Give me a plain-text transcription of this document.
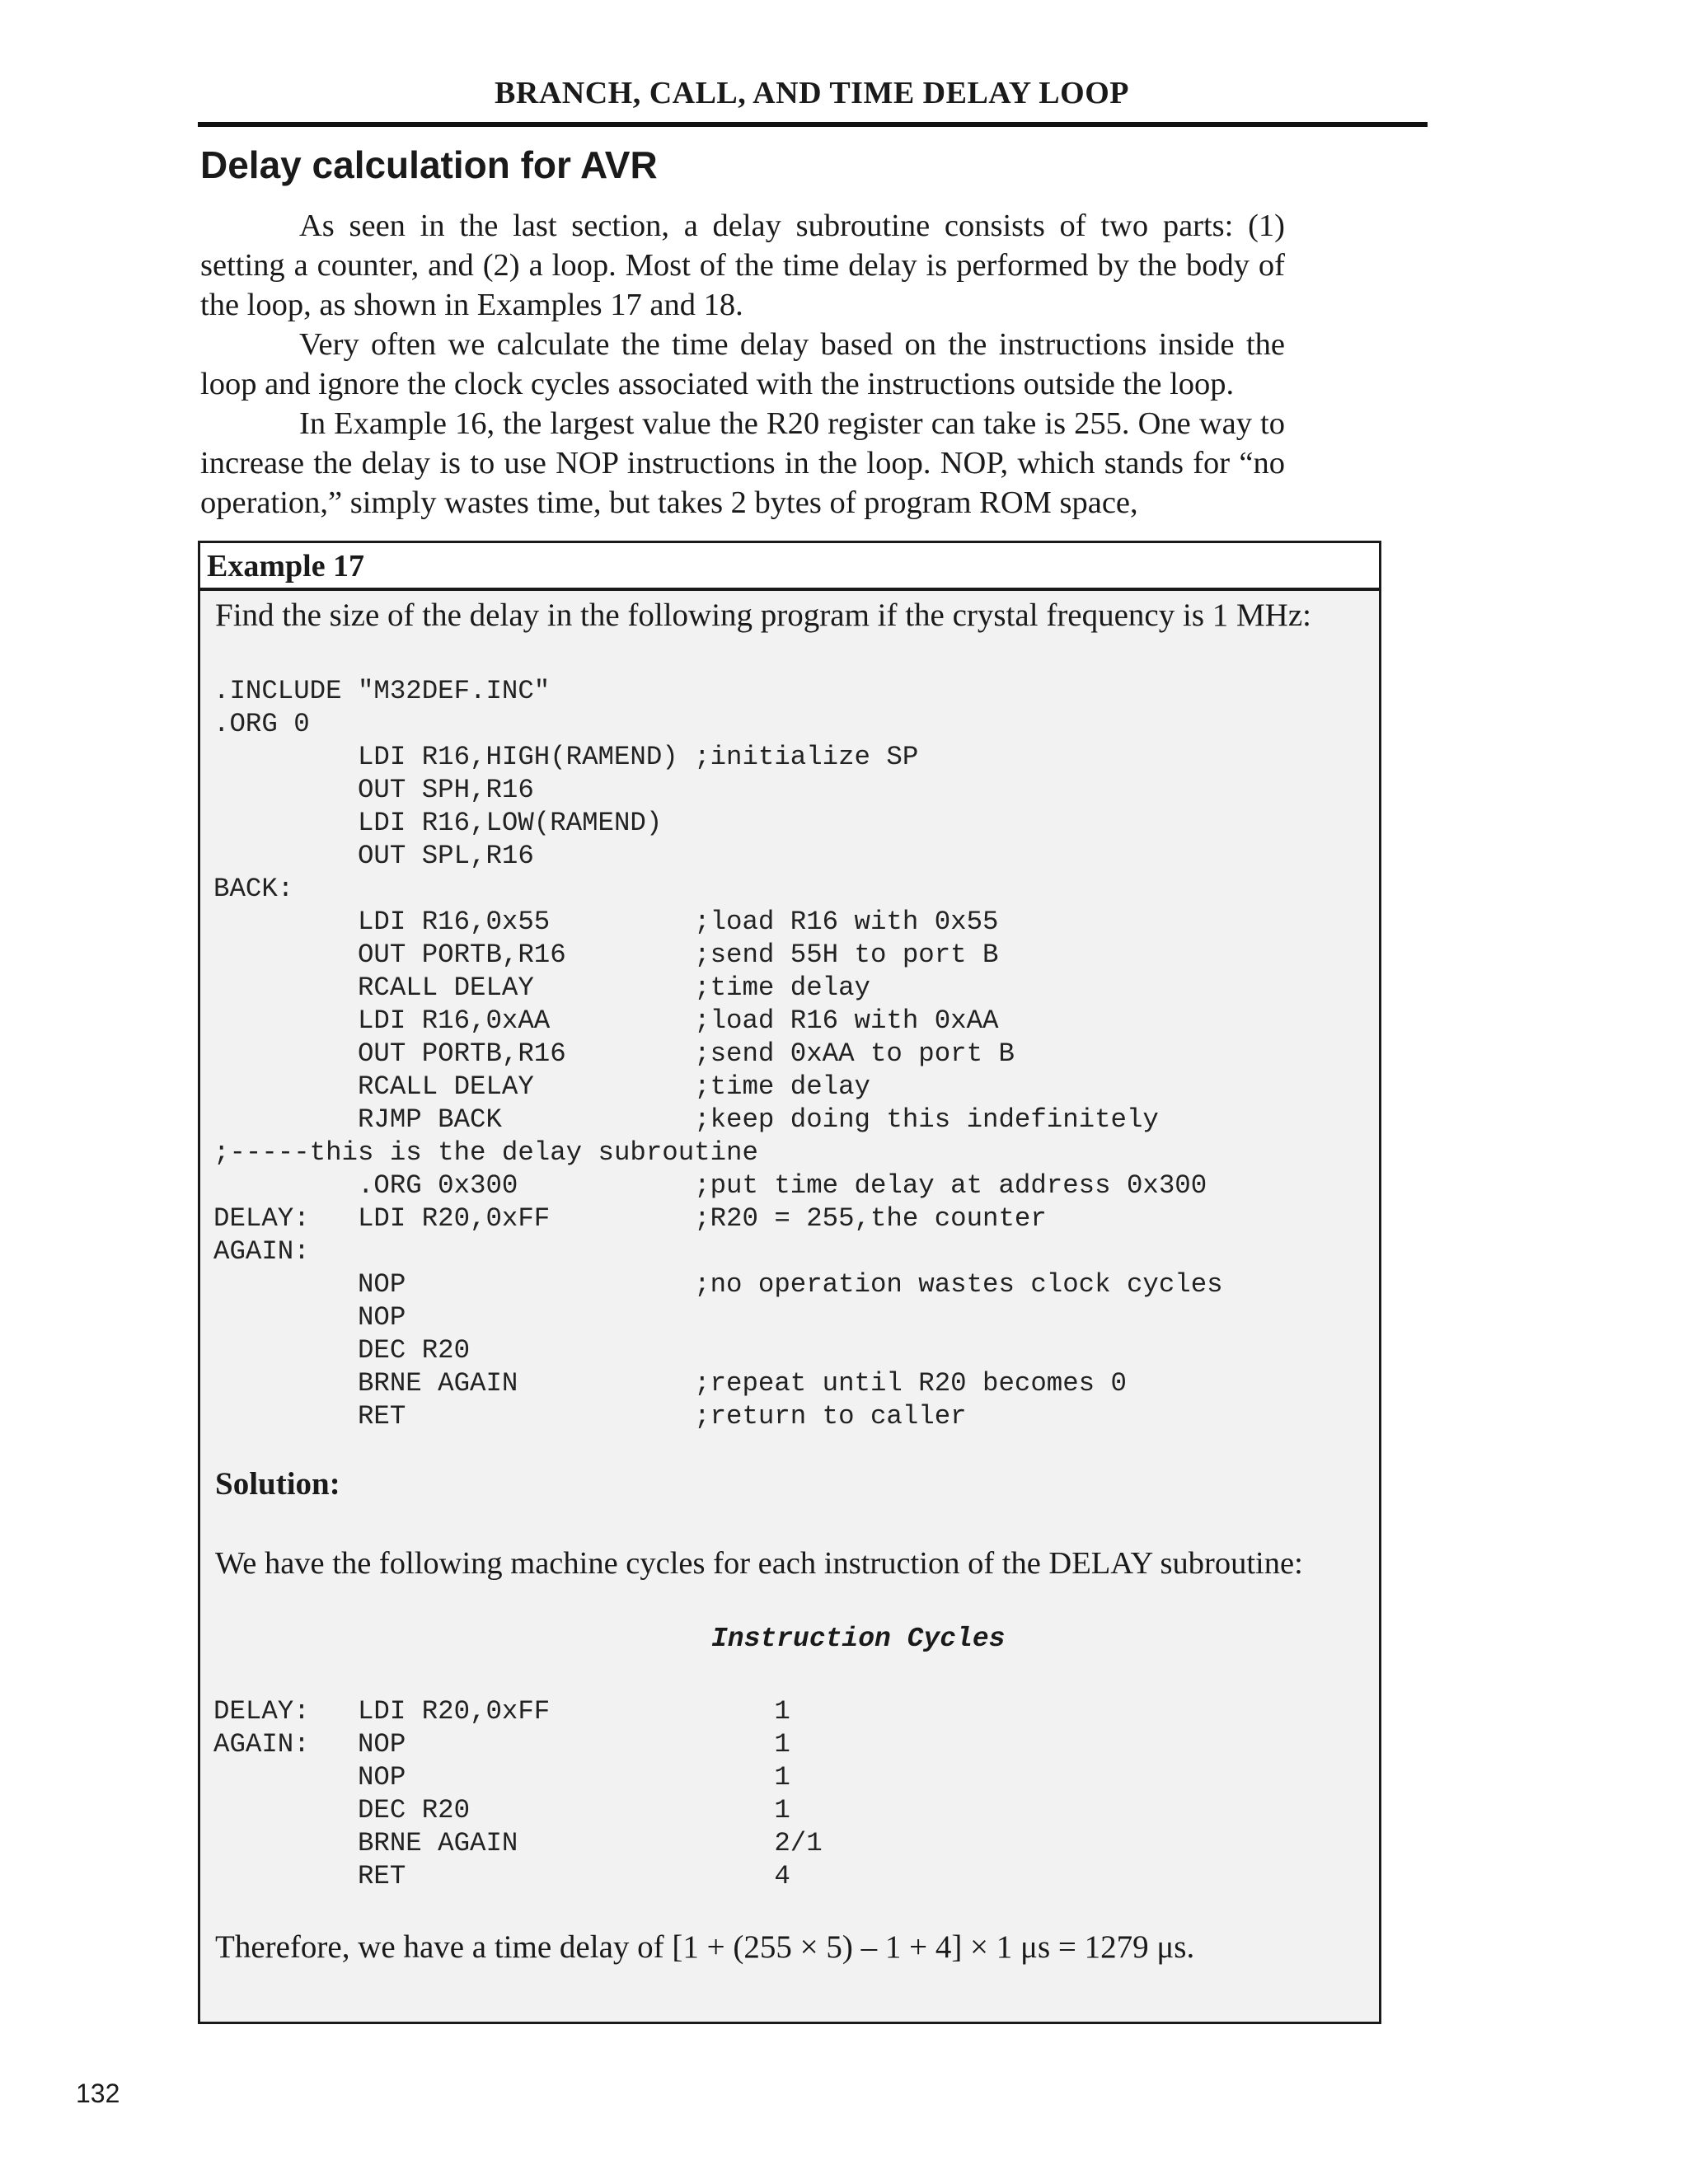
BRANCH, CALL, AND TIME DELAY LOOP
Delay calculation for AVR

As seen in the last section, a delay subroutine consists of two parts: (1) setting a counter, and (2) a loop. Most of the time delay is performed by the body of the loop, as shown in Examples 17 and 18.

Very often we calculate the time delay based on the instructions inside the loop and ignore the clock cycles associated with the instructions outside the loop.

In Example 16, the largest value the R20 register can take is 255. One way to increase the delay is to use NOP instructions in the loop. NOP, which stands for “no operation,” simply wastes time, but takes 2 bytes of program ROM space,

Example 17
Find the size of the delay in the following program if the crystal frequency is 1 MHz:
.INCLUDE "M32DEF.INC"
.ORG 0
LDI R16,HIGH(RAMEND) ;initialize SP
OUT SPH,R16
LDI R16,LOW(RAMEND)
OUT SPL,R16
BACK:
LDI R16,0x55         ;load R16 with 0x55
OUT PORTB,R16        ;send 55H to port B
RCALL DELAY          ;time delay
LDI R16,0xAA         ;load R16 with 0xAA
OUT PORTB,R16        ;send 0xAA to port B
RCALL DELAY          ;time delay
RJMP BACK            ;keep doing this indefinitely
;-----this is the delay subroutine
.ORG 0x300           ;put time delay at address 0x300
DELAY:   LDI R20,0xFF         ;R20 = 255,the counter
AGAIN:
NOP                  ;no operation wastes clock cycles
NOP
DEC R20
BRNE AGAIN           ;repeat until R20 becomes 0
RET                  ;return to caller
Solution:
We have the following machine cycles for each instruction of the DELAY subroutine:
Instruction Cycles
DELAY:   LDI R20,0xFF              1
AGAIN:   NOP                       1
NOP                       1
DEC R20                   1
BRNE AGAIN                2/1
RET                       4
Therefore, we have a time delay of [1 + (255 × 5) – 1 + 4] × 1 μs = 1279 μs.
132
